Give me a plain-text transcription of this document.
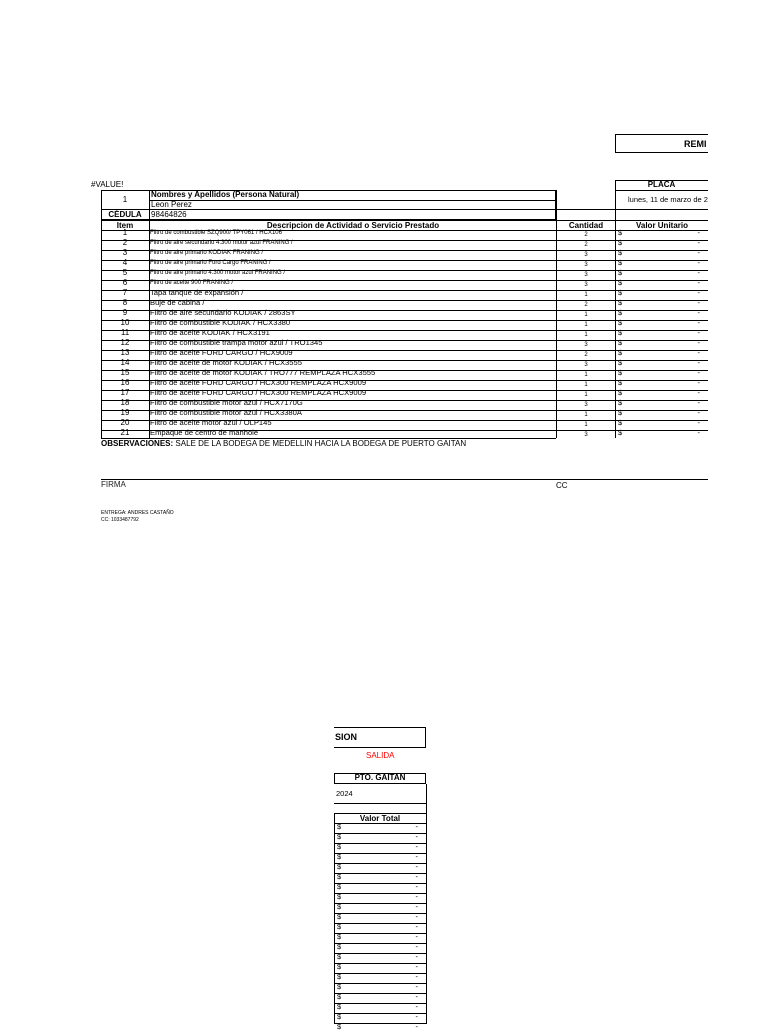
REMI
#VALUE!	PLACA
lunes, 11 de marzo de 2
1
Nombres y Apellidos (Persona Natural)
Leon Perez
CÉDULA	98464826
Item	Descripcion de Actividad o Servicio Prestado	Cantidad	Valor Unitario
1	Filtro de combustible SZQ900/ TPY061 / HCX106	2	$	-
2	Filtro de aire secundario 4.300 motor azul FRANING /	2	$	-
3	Filtro de aire primario KODIAK FRANING /	3	$	-
4	Filtro de aire primario Ford Cargo FRANING /	3	$	-
5	Filtro de aire primario 4.300 motor azul FRANING /	3	$	-
6	Filtro de aceite 900 FRANING /	3	$	-
7	Tapa tanque de expansión /	1	$	-
8	Buje de cabina /	2	$	-
9	Filtro de aire secundario KODIAK / 2863SY	1	$	-
10	Filtro de combustible KODIAK / HCX3380	1	$	-
11	Filtro de aceite KODIAK / HCX3191	1	$	-
12	Filtro de combustible trampa motor azul / TRO1345	3	$	-
13	Filtro de aceite FORD CARGO / HCX9009	2	$	-
14	Filtro de aceite de motor KODIAK / HCX3555	3	$	-
15	Filtro de aceite de motor KODIAK / TRO777 REMPLAZA HCX3555	1	$	-
16	Filtro de aceite FORD CARGO / HCX300 REMPLAZA HCX9009	1	$	-
17	Filtro de aceite FORD CARGO / HCX300 REMPLAZA HCX9009	1	$	-
18	Filtro de combustible motor azul / HCX7170G	3	$	-
19	Filtro de combustible motor azul / HCX3380A	1	$	-
20	Filtro de aceite motor azul / OLP145	1	$	-
21	Empaque de centro de manhole	3	$	-
OBSERVACIONES: SALE DE LA BODEGA DE MEDELLIN HACIA LA BODEGA DE PUERTO GAITAN
FIRMA	CC
ENTREGA: ANDRES CASTAÑO
CC: 1033487792
SION
SALIDA
PTO. GAITAN
2024
Valor Total
$	-
$	-
$	-
$	-
$	-
$	-
$	-
$	-
$	-
$	-
$	-
$	-
$	-
$	-
$	-
$	-
$	-
$	-
$	-
$	-
$	-
